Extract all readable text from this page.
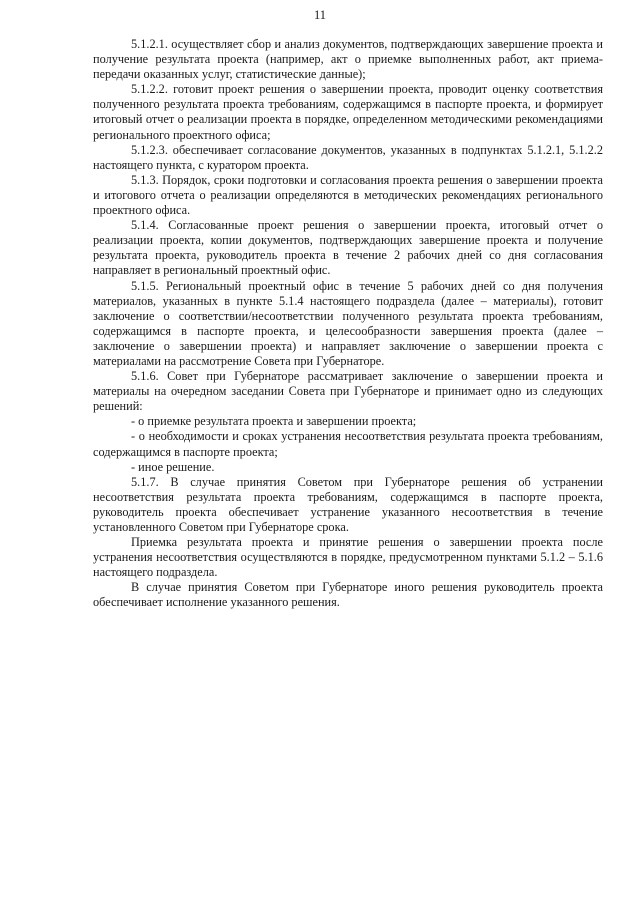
11

5.1.2.1. осуществляет сбор и анализ документов, подтверждающих завершение проекта и получение результата проекта (например, акт о приемке выполненных работ, акт приема-передачи оказанных услуг, статистические данные);

5.1.2.2. готовит проект решения о завершении проекта, проводит оценку соответствия полученного результата проекта требованиям, содержащимся в паспорте проекта, и формирует итоговый отчет о реализации проекта в порядке, определенном методическими рекомендациями регионального проектного офиса;

5.1.2.3. обеспечивает согласование документов, указанных в подпунктах 5.1.2.1, 5.1.2.2 настоящего пункта, с куратором проекта.

5.1.3. Порядок, сроки подготовки и согласования проекта решения о завершении проекта и итогового отчета о реализации определяются в методических рекомендациях регионального проектного офиса.

5.1.4. Согласованные проект решения о завершении проекта, итоговый отчет о реализации проекта, копии документов, подтверждающих завершение проекта и получение результата проекта, руководитель проекта в течение 2 рабочих дней со дня согласования направляет в региональный проектный офис.

5.1.5. Региональный проектный офис в течение 5 рабочих дней со дня получения материалов, указанных в пункте 5.1.4 настоящего подраздела (далее – материалы), готовит заключение о соответствии/несоответствии полученного результата проекта требованиям, содержащимся в паспорте проекта, и целесообразности завершения проекта (далее – заключение о завершении проекта) и направляет заключение о завершении проекта с материалами на рассмотрение Совета при Губернаторе.

5.1.6. Совет при Губернаторе рассматривает заключение о завершении проекта и материалы на очередном заседании Совета при Губернаторе и принимает одно из следующих решений:

- о приемке результата проекта и завершении проекта;

- о необходимости и сроках устранения несоответствия результата проекта требованиям, содержащимся в паспорте проекта;

- иное решение.

5.1.7. В случае принятия Советом при Губернаторе решения об устранении несоответствия результата проекта требованиям, содержащимся в паспорте проекта, руководитель проекта обеспечивает устранение указанного несоответствия в течение установленного Советом при Губернаторе срока.

Приемка результата проекта и принятие решения о завершении проекта после устранения несоответствия осуществляются в порядке, предусмотренном пунктами 5.1.2 – 5.1.6 настоящего подраздела.

В случае принятия Советом при Губернаторе иного решения руководитель проекта обеспечивает исполнение указанного решения.
